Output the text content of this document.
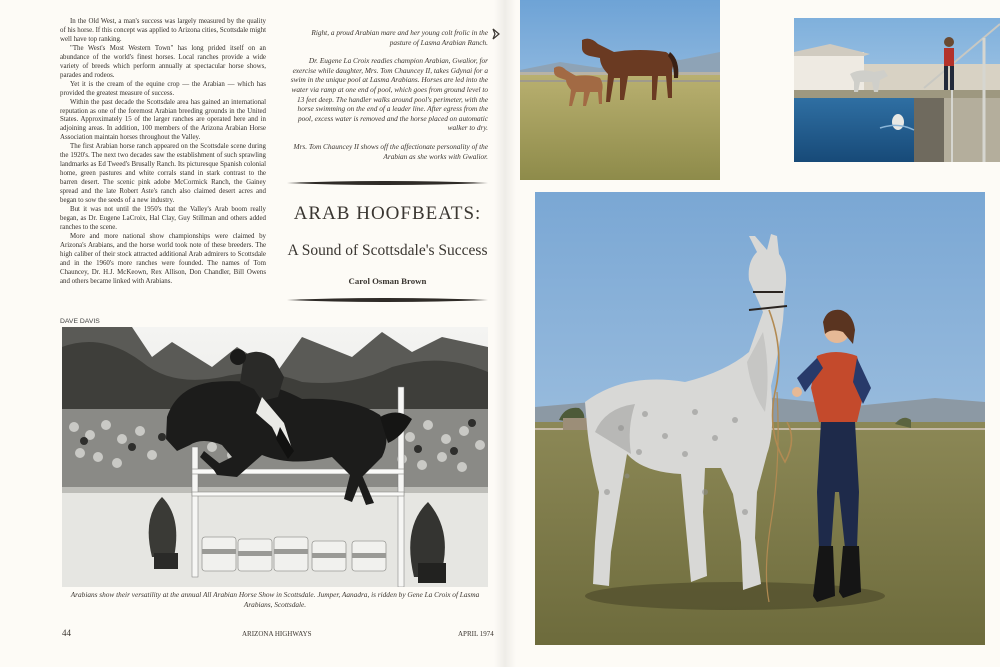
In the Old West, a man's success was largely measured by the quality of his horse. If this concept was applied to Arizona cities, Scottsdale might well have top ranking.

"The West's Most Western Town" has long prided itself on an abundance of the world's finest horses. Local ranches provide a wide variety of breeds which perform annually at spectacular horse shows, parades and rodeos.

Yet it is the cream of the equine crop — the Arabian — which has provided the greatest measure of success.

Within the past decade the Scottsdale area has gained an international reputation as one of the foremost Arabian breeding grounds in the United States. Approximately 15 of the larger ranches are operated here and in adjoining areas. In addition, 100 members of the Arizona Arabian Horse Association maintain horses throughout the Valley.

The first Arabian horse ranch appeared on the Scottsdale scene during the 1920's. The next two decades saw the establishment of such sprawling landmarks as Ed Tweed's Brusally Ranch. Its picturesque Spanish colonial home, green pastures and white corrals stand in stark contrast to the barren desert. The scenic pink adobe McCormick Ranch, the Gainey spread and the late Robert Aste's ranch also claimed desert acres and began to sow the seeds of a new industry.

But it was not until the 1950's that the Valley's Arab boom really began, as Dr. Eugene LaCroix, Hal Clay, Guy Stillman and others added ranches to the scene.

More and more national show championships were claimed by Arizona's Arabians, and the horse world took note of these breeders. The high caliber of their stock attracted additional Arab admirers to Scottsdale and in the 1960's more ranches were founded. The names of Tom Chauncey, Dr. H.J. McKeown, Rex Allison, Don Chandler, Bill Owens and others became linked with Arabians.

Right, a proud Arabian mare and her young colt frolic in the pasture of Lasma Arabian Ranch.

Dr. Eugene La Croix readies champion Arabian, Gwalior, for exercise while daughter, Mrs. Tom Chauncey II, takes Gdynai for a swim in the unique pool at Lasma Arabians. Horses are led into the water via ramp at one end of pool, which goes from ground level to 13 feet deep. The handler walks around pool's perimeter, with the horse swimming on the end of a leader line. After egress from the pool, excess water is removed and the horse placed on automatic walker to dry.

Mrs. Tom Chauncey II shows off the affectionate personality of the Arabian as she works with Gwalior.

ARAB HOOFBEATS:
A Sound of Scottsdale's Success
Carol Osman Brown
DAVE DAVIS
Arabians show their versatility at the annual All Arabian Horse Show in Scottsdale. Jumper, Aanadra, is ridden by Gene La Croix of Lasma Arabians, Scottsdale.
44	ARIZONA HIGHWAYS	APRIL 1974
